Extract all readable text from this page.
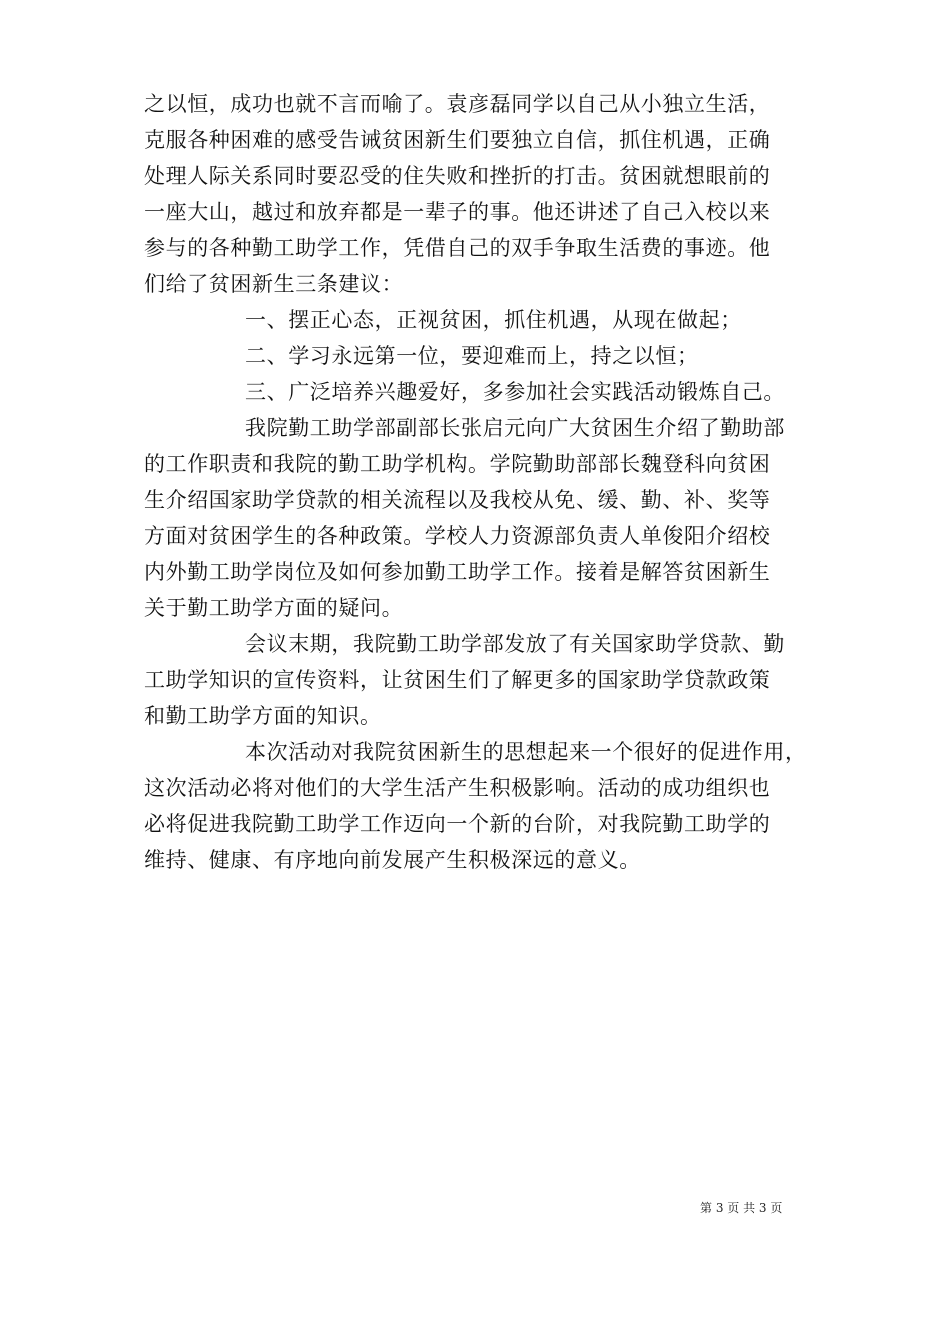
之以恒，成功也就不言而喻了。袁彦磊同学以自己从小独立生活，
克服各种困难的感受告诫贫困新生们要独立自信，抓住机遇，正确
处理人际关系同时要忍受的住失败和挫折的打击。贫困就想眼前的
一座大山，越过和放弃都是一辈子的事。他还讲述了自己入校以来
参与的各种勤工助学工作，凭借自己的双手争取生活费的事迹。他
们给了贫困新生三条建议：
一、摆正心态，正视贫困，抓住机遇，从现在做起；
二、学习永远第一位，要迎难而上，持之以恒；
三、广泛培养兴趣爱好，多参加社会实践活动锻炼自己。
我院勤工助学部副部长张启元向广大贫困生介绍了勤助部
的工作职责和我院的勤工助学机构。学院勤助部部长魏登科向贫困
生介绍国家助学贷款的相关流程以及我校从免、缓、勤、补、奖等
方面对贫困学生的各种政策。学校人力资源部负责人单俊阳介绍校
内外勤工助学岗位及如何参加勤工助学工作。接着是解答贫困新生
关于勤工助学方面的疑问。
会议末期，我院勤工助学部发放了有关国家助学贷款、勤
工助学知识的宣传资料，让贫困生们了解更多的国家助学贷款政策
和勤工助学方面的知识。
本次活动对我院贫困新生的思想起来一个很好的促进作用，
这次活动必将对他们的大学生活产生积极影响。活动的成功组织也
必将促进我院勤工助学工作迈向一个新的台阶，对我院勤工助学的
维持、健康、有序地向前发展产生积极深远的意义。
第 3 页 共 3 页
